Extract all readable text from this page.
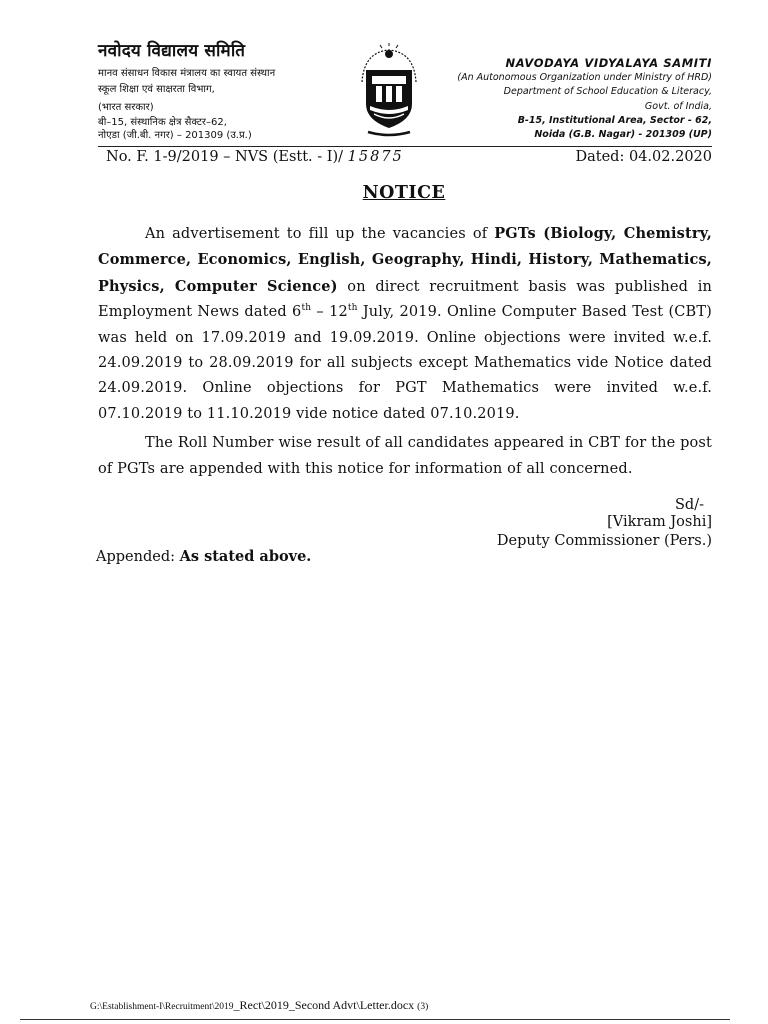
नवोदय विद्यालय समिति
मानव संसाधन विकास मंत्रालय का स्वायत संस्थान
स्कूल शिक्षा एवं साक्षरता विभाग,
(भारत सरकार)
बी–15, संस्थानिक क्षेत्र सैक्टर–62,
नोएडा (जी.बी. नगर) – 201309 (उ.प्र.)
NAVODAYA VIDYALAYA SAMITI
(An Autonomous Organization under Ministry of HRD)
Department of School Education & Literacy,
Govt. of India,
B-15, Institutional Area, Sector - 62,
Noida (G.B. Nagar) - 201309 (UP)
No. F. 1-9/2019 – NVS (Estt. - I)/ 15875	Dated: 04.02.2020
NOTICE

An advertisement to fill up the vacancies of PGTs (Biology, Chemistry, Commerce, Economics, English, Geography, Hindi, History, Mathematics, Physics, Computer Science) on direct recruitment basis was published in Employment News dated 6th – 12th July, 2019. Online Computer Based Test (CBT) was held on 17.09.2019 and 19.09.2019. Online objections were invited w.e.f. 24.09.2019 to 28.09.2019 for all subjects except Mathematics vide Notice dated 24.09.2019. Online objections for PGT Mathematics were invited w.e.f. 07.10.2019 to 11.10.2019 vide notice dated 07.10.2019.

The Roll Number wise result of all candidates appeared in CBT for the post of PGTs are appended with this notice for information of all concerned.

Sd/-
[Vikram Joshi]
Deputy Commissioner (Pers.)
Appended: As stated above.
G:\Establishment-I\Recruitment\2019_Rect\2019_Second Advt\Letter.docx (3)
